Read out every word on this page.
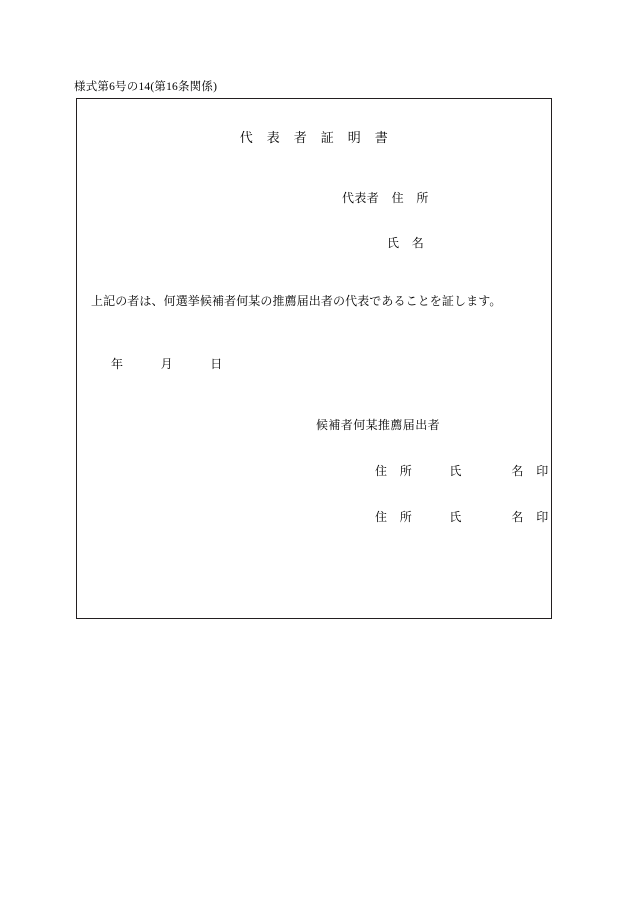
様式第6号の14(第16条関係)
代　表　者　証　明　書
代表者　住　所
氏　名
上記の者は、何選挙候補者何某の推薦届出者の代表であることを証します。
年　　　月　　　日
候補者何某推薦届出者
住　所　　　氏　　　　名　印
住　所　　　氏　　　　名　印
